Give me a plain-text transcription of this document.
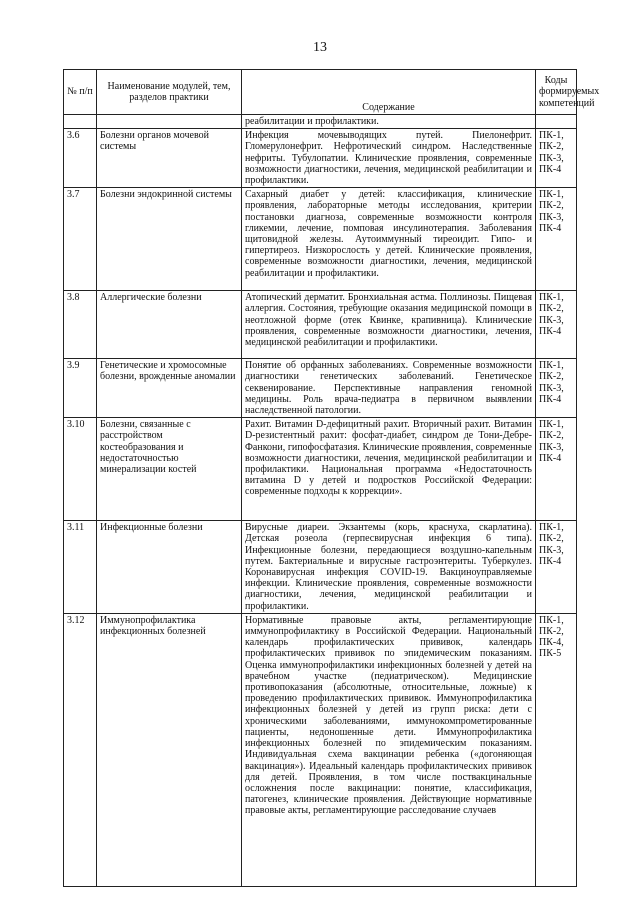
13
№ п/п	Наименование модулей, тем, разделов практики	Содержание	Коды формируемых компетенций
		реабилитации и профилактики.	
3.6	Болезни органов мочевой системы	Инфекция мочевыводящих путей. Пиелонефрит. Гломерулонефрит. Нефротический синдром. Наследственные нефриты. Тубулопатии. Клинические проявления, современные возможности диагностики, лечения, медицинской реабилитации и профилактики.	ПК-1, ПК-2, ПК-3, ПК-4
3.7	Болезни эндокринной системы	Сахарный диабет у детей: классификация, клинические проявления, лабораторные методы исследования, критерии постановки диагноза, современные возможности контроля гликемии, лечение, помповая инсулинотерапия. Заболевания щитовидной железы. Аутоиммунный тиреоидит. Гипо- и гипертиреоз. Низкорослость у детей. Клинические проявления, современные возможности диагностики, лечения, медицинской реабилитации и профилактики.	ПК-1, ПК-2, ПК-3, ПК-4
3.8	Аллергические болезни	Атопический дерматит. Бронхиальная астма. Поллинозы. Пищевая аллергия. Состояния, требующие оказания медицинской помощи в неотложной форме (отек Квинке, крапивница). Клинические проявления, современные возможности диагностики, лечения, медицинской реабилитации и профилактики.	ПК-1, ПК-2, ПК-3, ПК-4
3.9	Генетические и хромосомные болезни, врожденные аномалии	Понятие об орфанных заболеваниях. Современные возможности диагностики генетических заболеваний. Генетическое секвенирование. Перспективные направления геномной медицины. Роль врача-педиатра в первичном выявлении наследственной патологии.	ПК-1, ПК-2, ПК-3, ПК-4
3.10	Болезни, связанные с расстройством костеобразования и недостаточностью минерализации костей	Рахит. Витамин D-дефицитный рахит. Вторичный рахит. Витамин D-резистентный рахит: фосфат-диабет, синдром де Тони-Дебре-Фанкони, гипофосфатазия. Клинические проявления, современные возможности диагностики, лечения, медицинской реабилитации и профилактики. Национальная программа «Недостаточность витамина D у детей и подростков Российской Федерации: современные подходы к коррекции».	ПК-1, ПК-2, ПК-3, ПК-4
3.11	Инфекционные болезни	Вирусные диареи. Экзантемы (корь, краснуха, скарлатина). Детская розеола (герпесвирусная инфекция 6 типа). Инфекционные болезни, передающиеся воздушно-капельным путем. Бактериальные и вирусные гастроэнтериты. Туберкулез. Коронавирусная инфекция COVID-19. Вакциноуправляемые инфекции. Клинические проявления, современные возможности диагностики, лечения, медицинской реабилитации и профилактики.	ПК-1, ПК-2, ПК-3, ПК-4
3.12	Иммунопрофилактика инфекционных болезней	Нормативные правовые акты, регламентирующие иммунопрофилактику в Российской Федерации. Национальный календарь профилактических прививок, календарь профилактических прививок по эпидемическим показаниям. Оценка иммунопрофилактики инфекционных болезней у детей на врачебном участке (педиатрическом). Медицинские противопоказания (абсолютные, относительные, ложные) к проведению профилактических прививок. Иммунопрофилактика инфекционных болезней у детей из групп риска: дети с хроническими заболеваниями, иммунокомпрометированные пациенты, недоношенные дети. Иммунопрофилактика инфекционных болезней по эпидемическим показаниям. Индивидуальная схема вакцинации ребенка («догоняющая вакцинация»). Идеальный календарь профилактических прививок для детей. Проявления, в том числе поствакцинальные осложнения после вакцинации: понятие, классификация, патогенез, клинические проявления. Действующие нормативные правовые акты, регламентирующие расследование случаев	ПК-1, ПК-2, ПК-4, ПК-5
